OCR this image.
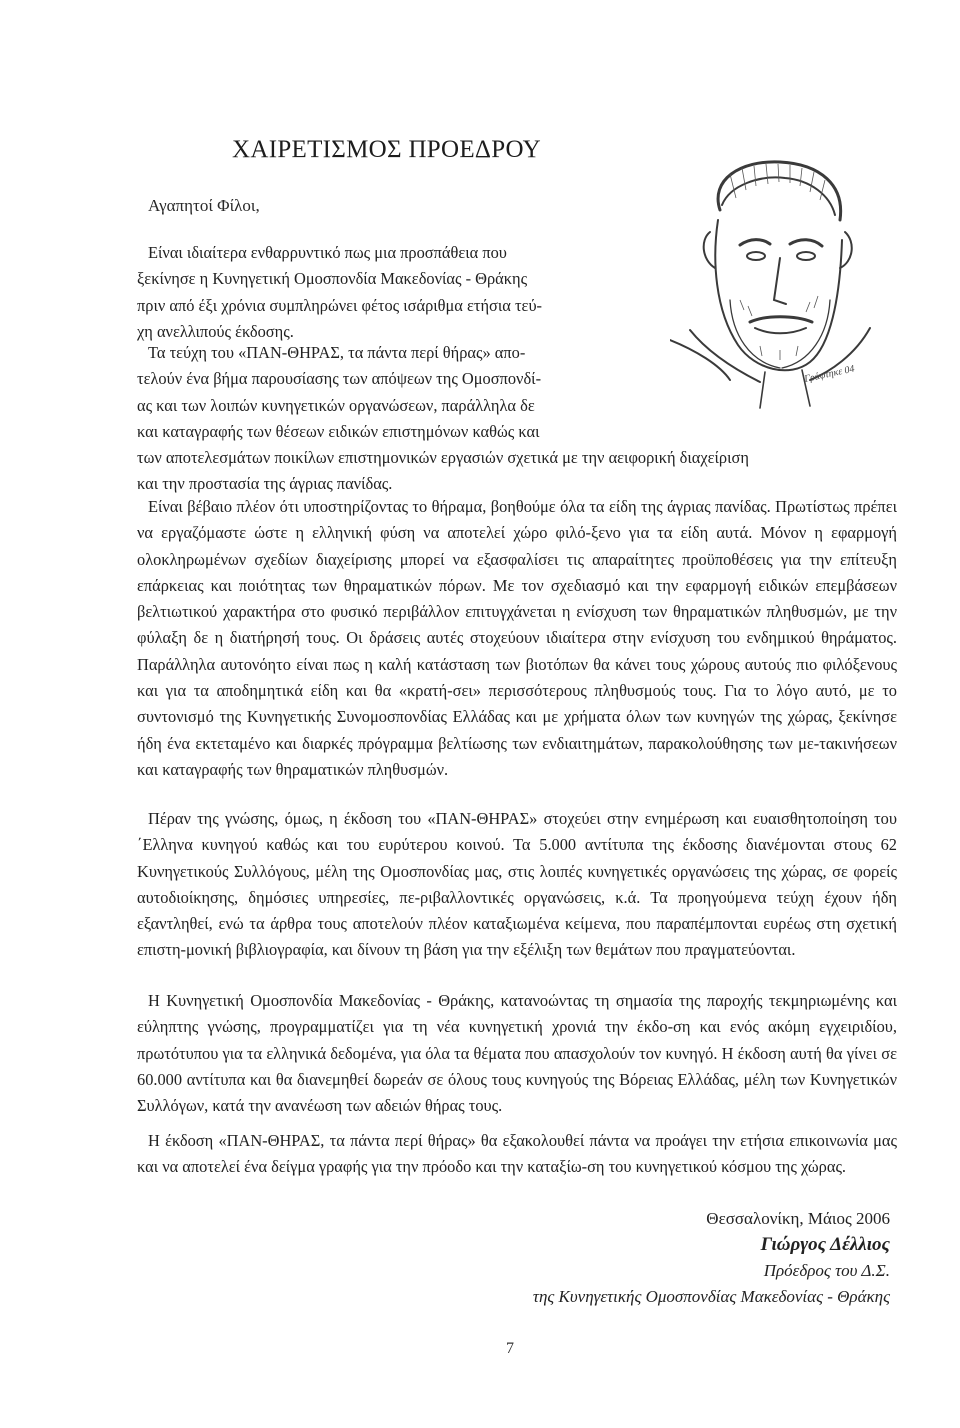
ΧΑΙΡΕΤΙΣΜΟΣ ΠΡΟΕΔΡΟΥ
Αγαπητοί Φίλοι,
Γράφτηκε 04
Είναι ιδιαίτερα ενθαρρυντικό πως μια προσπάθεια που
ξεκίνησε η Κυνηγετική Ομοσπονδία Μακεδονίας - Θράκης
πριν από έξι χρόνια συμπληρώνει φέτος ισάριθμα ετήσια τεύ-
χη ανελλιπούς έκδοσης.
Τα τεύχη του «ΠΑΝ-ΘΗΡΑΣ, τα πάντα περί θήρας» απο-
τελούν ένα βήμα παρουσίασης των απόψεων της Ομοσπονδί-
ας και των λοιπών κυνηγετικών οργανώσεων, παράλληλα δε
και καταγραφής των θέσεων ειδικών επιστημόνων καθώς και
των αποτελεσμάτων ποικίλων επιστημονικών εργασιών σχετικά με την αειφορική διαχείριση
και την προστασία της άγριας πανίδας.

Είναι βέβαιο πλέον ότι υποστηρίζοντας το θήραμα, βοηθούμε όλα τα είδη της άγριας πανίδας. Πρωτίστως πρέπει να εργαζόμαστε ώστε η ελληνική φύση να αποτελεί χώρο φιλό-ξενο για τα είδη αυτά. Μόνον η εφαρμογή ολοκληρωμένων σχεδίων διαχείρισης μπορεί να εξασφαλίσει τις απαραίτητες προϋποθέσεις για την επίτευξη επάρκειας και ποιότητας των θηραματικών πόρων. Με τον σχεδιασμό και την εφαρμογή ειδικών επεμβάσεων βελτιωτικού χαρακτήρα στο φυσικό περιβάλλον επιτυγχάνεται η ενίσχυση των θηραματικών πληθυσμών, με την φύλαξη δε η διατήρησή τους. Οι δράσεις αυτές στοχεύουν ιδιαίτερα στην ενίσχυση του ενδημικού θηράματος. Παράλληλα αυτονόητο είναι πως η καλή κατάσταση των βιοτόπων θα κάνει τους χώρους αυτούς πιο φιλόξενους και για τα αποδημητικά είδη και θα «κρατή-σει» περισσότερους πληθυσμούς τους. Για το λόγο αυτό, με το συντονισμό της Κυνηγετικής Συνομοσπονδίας Ελλάδας και με χρήματα όλων των κυνηγών της χώρας, ξεκίνησε ήδη ένα εκτεταμένο και διαρκές πρόγραμμα βελτίωσης των ενδιαιτημάτων, παρακολούθησης των με-τακινήσεων και καταγραφής των θηραματικών πληθυσμών.

Πέραν της γνώσης, όμως, η έκδοση του «ΠΑΝ-ΘΗΡΑΣ» στοχεύει στην ενημέρωση και ευαισθητοποίηση του ΄Ελληνα κυνηγού καθώς και του ευρύτερου κοινού. Τα 5.000 αντίτυπα της έκδοσης διανέμονται στους 62 Κυνηγετικούς Συλλόγους, μέλη της Ομοσπονδίας μας, στις λοιπές κυνηγετικές οργανώσεις της χώρας, σε φορείς αυτοδιοίκησης, δημόσιες υπηρεσίες, πε-ριβαλλοντικές οργανώσεις, κ.ά. Τα προηγούμενα τεύχη έχουν ήδη εξαντληθεί, ενώ τα άρθρα τους αποτελούν πλέον καταξιωμένα κείμενα, που παραπέμπονται ευρέως στη σχετική επιστη-μονική βιβλιογραφία, και δίνουν τη βάση για την εξέλιξη των θεμάτων που πραγματεύονται.

Η Κυνηγετική Ομοσπονδία Μακεδονίας - Θράκης, κατανοώντας τη σημασία της παροχής τεκμηριωμένης και εύληπτης γνώσης, προγραμματίζει για τη νέα κυνηγετική χρονιά την έκδο-ση και ενός ακόμη εγχειριδίου, πρωτότυπου για τα ελληνικά δεδομένα, για όλα τα θέματα που απασχολούν τον κυνηγό. Η έκδοση αυτή θα γίνει σε 60.000 αντίτυπα και θα διανεμηθεί δωρεάν σε όλους τους κυνηγούς της Βόρειας Ελλάδας, μέλη των Κυνηγετικών Συλλόγων, κατά την ανανέωση των αδειών θήρας τους.

Η έκδοση «ΠΑΝ-ΘΗΡΑΣ, τα πάντα περί θήρας» θα εξακολουθεί πάντα να προάγει την ετήσια επικοινωνία μας και να αποτελεί ένα δείγμα γραφής για την πρόοδο και την καταξίω-ση του κυνηγετικού κόσμου της χώρας.

Θεσσαλονίκη, Μάιος 2006
Γιώργος Δέλλιος
Πρόεδρος του Δ.Σ.
της Κυνηγετικής Ομοσπονδίας Μακεδονίας - Θράκης
7
